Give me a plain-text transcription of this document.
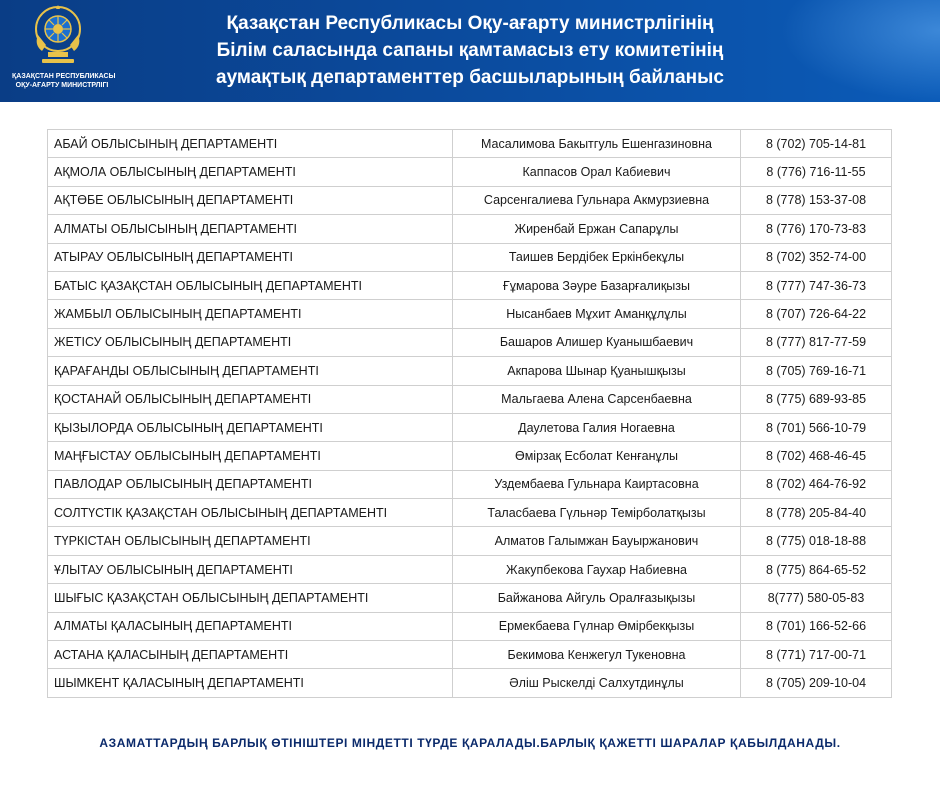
ҚАЗАҚСТАН РЕСПУБЛИКАСЫ
ОҚУ-АҒАРТУ МИНИСТРЛІГІ
Қазақстан Республикасы Оқу-ағарту министрлігінің
Білім саласында сапаны қамтамасыз ету комитетінің
аумақтық департаменттер басшыларының байланыс
АБАЙ ОБЛЫСЫНЫҢ ДЕПАРТАМЕНТІ	Масалимова Бакытгуль Ешенгазиновна	8 (702) 705-14-81
АҚМОЛА ОБЛЫСЫНЫҢ ДЕПАРТАМЕНТІ	Каппасов Орал Кабиевич	8 (776) 716-11-55
АҚТӨБЕ ОБЛЫСЫНЫҢ ДЕПАРТАМЕНТІ	Сарсенгалиева Гульнара Акмурзиевна	8 (778) 153-37-08
АЛМАТЫ ОБЛЫСЫНЫҢ ДЕПАРТАМЕНТІ	Жиренбай Ержан Сапарұлы	8 (776) 170-73-83
АТЫРАУ ОБЛЫСЫНЫҢ ДЕПАРТАМЕНТІ	Таишев Бердібек Еркінбекұлы	8 (702) 352-74-00
БАТЫС ҚАЗАҚСТАН ОБЛЫСЫНЫҢ ДЕПАРТАМЕНТІ	Ғұмарова Зәуре Базарғалиқызы	8 (777) 747-36-73
ЖАМБЫЛ ОБЛЫСЫНЫҢ ДЕПАРТАМЕНТІ	Нысанбаев Мұхит Аманқұлұлы	8 (707) 726-64-22
ЖЕТІСУ ОБЛЫСЫНЫҢ ДЕПАРТАМЕНТІ	Башаров Алишер Куанышбаевич	8 (777) 817-77-59
ҚАРАҒАНДЫ ОБЛЫСЫНЫҢ ДЕПАРТАМЕНТІ	Акпарова Шынар Қуанышқызы	8 (705) 769-16-71
ҚОСТАНАЙ ОБЛЫСЫНЫҢ ДЕПАРТАМЕНТІ	Мальгаева Алена Сарсенбаевна	8 (775) 689-93-85
ҚЫЗЫЛОРДА ОБЛЫСЫНЫҢ ДЕПАРТАМЕНТІ	Даулетова Галия Ногаевна	8 (701) 566-10-79
МАҢҒЫСТАУ ОБЛЫСЫНЫҢ ДЕПАРТАМЕНТІ	Өмірзақ Есболат Кенғанұлы	8 (702) 468-46-45
ПАВЛОДАР ОБЛЫСЫНЫҢ ДЕПАРТАМЕНТІ	Уздембаева Гульнара Каиртасовна	8 (702) 464-76-92
СОЛТҮСТІК ҚАЗАҚСТАН ОБЛЫСЫНЫҢ ДЕПАРТАМЕНТІ	Таласбаева Гүльнәр Темірболатқызы	8 (778) 205-84-40
ТҮРКІСТАН ОБЛЫСЫНЫҢ ДЕПАРТАМЕНТІ	Алматов Галымжан Бауыржанович	8 (775) 018-18-88
ҰЛЫТАУ ОБЛЫСЫНЫҢ ДЕПАРТАМЕНТІ	Жакупбекова Гаухар Набиевна	8 (775) 864-65-52
ШЫҒЫС ҚАЗАҚСТАН ОБЛЫСЫНЫҢ ДЕПАРТАМЕНТІ	Байжанова Айгуль Оралғазықызы	8(777) 580-05-83
АЛМАТЫ ҚАЛАСЫНЫҢ ДЕПАРТАМЕНТІ	Ермекбаева Гүлнар Өмірбекқызы	8 (701) 166-52-66
АСТАНА ҚАЛАСЫНЫҢ ДЕПАРТАМЕНТІ	Бекимова Кенжегул Тукеновна	8 (771) 717-00-71
ШЫМКЕНТ ҚАЛАСЫНЫҢ ДЕПАРТАМЕНТІ	Әліш Рыскелді Салхутдинұлы	8 (705) 209-10-04
АЗАМАТТАРДЫҢ БАРЛЫҚ ӨТІНІШТЕРІ МІНДЕТТІ ТҮРДЕ ҚАРАЛАДЫ.БАРЛЫҚ ҚАЖЕТТІ ШАРАЛАР ҚАБЫЛДАНАДЫ.
